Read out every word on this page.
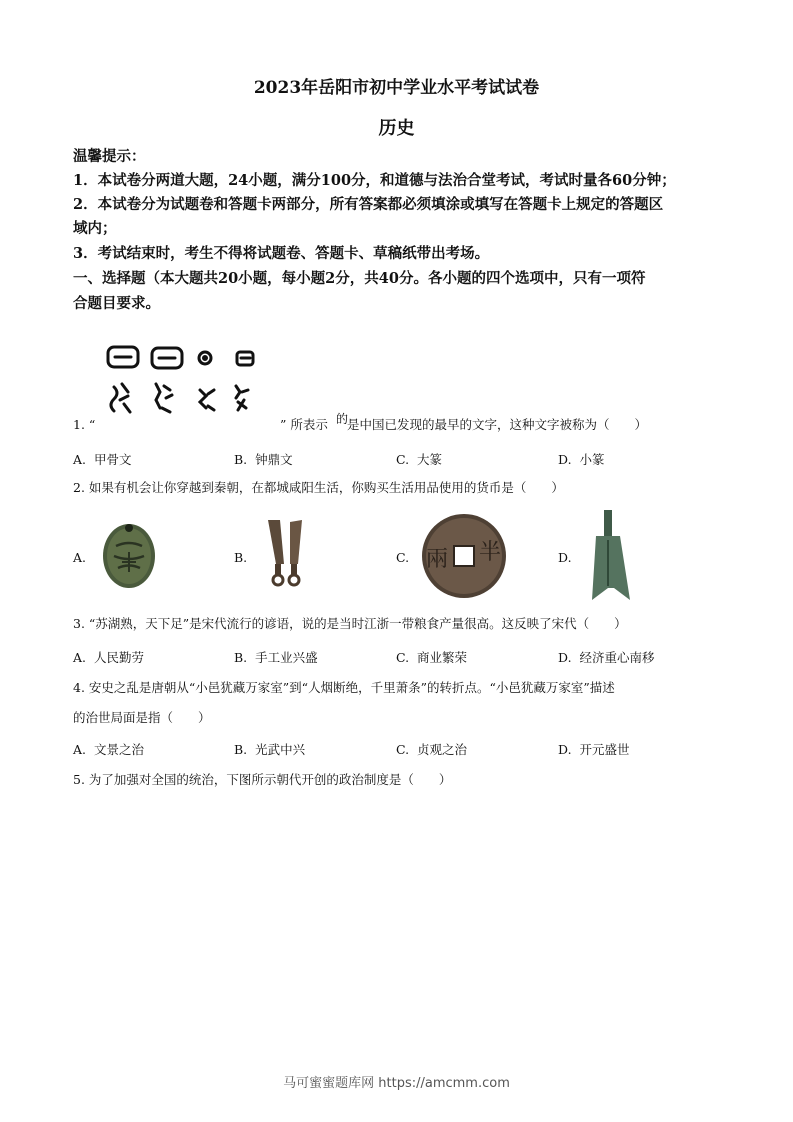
2023年岳阳市初中学业水平考试试卷
历史
温馨提示：
1．本试卷分两道大题，24小题，满分100分，和道德与法治合堂考试，考试时量各60分钟；
2．本试卷分为试题卷和答题卡两部分，所有答案都必须填涂或填写在答题卡上规定的答题区
域内；
3．考试结束时，考生不得将试题卷、答题卡、草稿纸带出考场。
一、选择题（本大题共20小题，每小题2分，共40分。各小题的四个选项中，只有一项符
合题目要求。
1. “	” 所表示 的
是中国已发现的最早的文字，这种文字被称为（　　）
A. 甲骨文	B. 钟鼎文	C. 大篆	D. 小篆
2. 如果有机会让你穿越到秦朝，在都城咸阳生活，你购买生活用品使用的货币是（　　）
A.	B.	C. 兩 半	D.
3. “苏湖熟，天下足”是宋代流行的谚语，说的是当时江浙一带粮食产量很高。这反映了宋代（　　）
A. 人民勤劳	B. 手工业兴盛	C. 商业繁荣	D. 经济重心南移
4. 安史之乱是唐朝从“小邑犹藏万家室”到“人烟断绝，千里萧条”的转折点。“小邑犹藏万家室”描述
的治世局面是指（　　）
A. 文景之治	B. 光武中兴	C. 贞观之治	D. 开元盛世
5. 为了加强对全国的统治，下图所示朝代开创的政治制度是（　　）
马可蜜蜜题库网 https://amcmm.com
